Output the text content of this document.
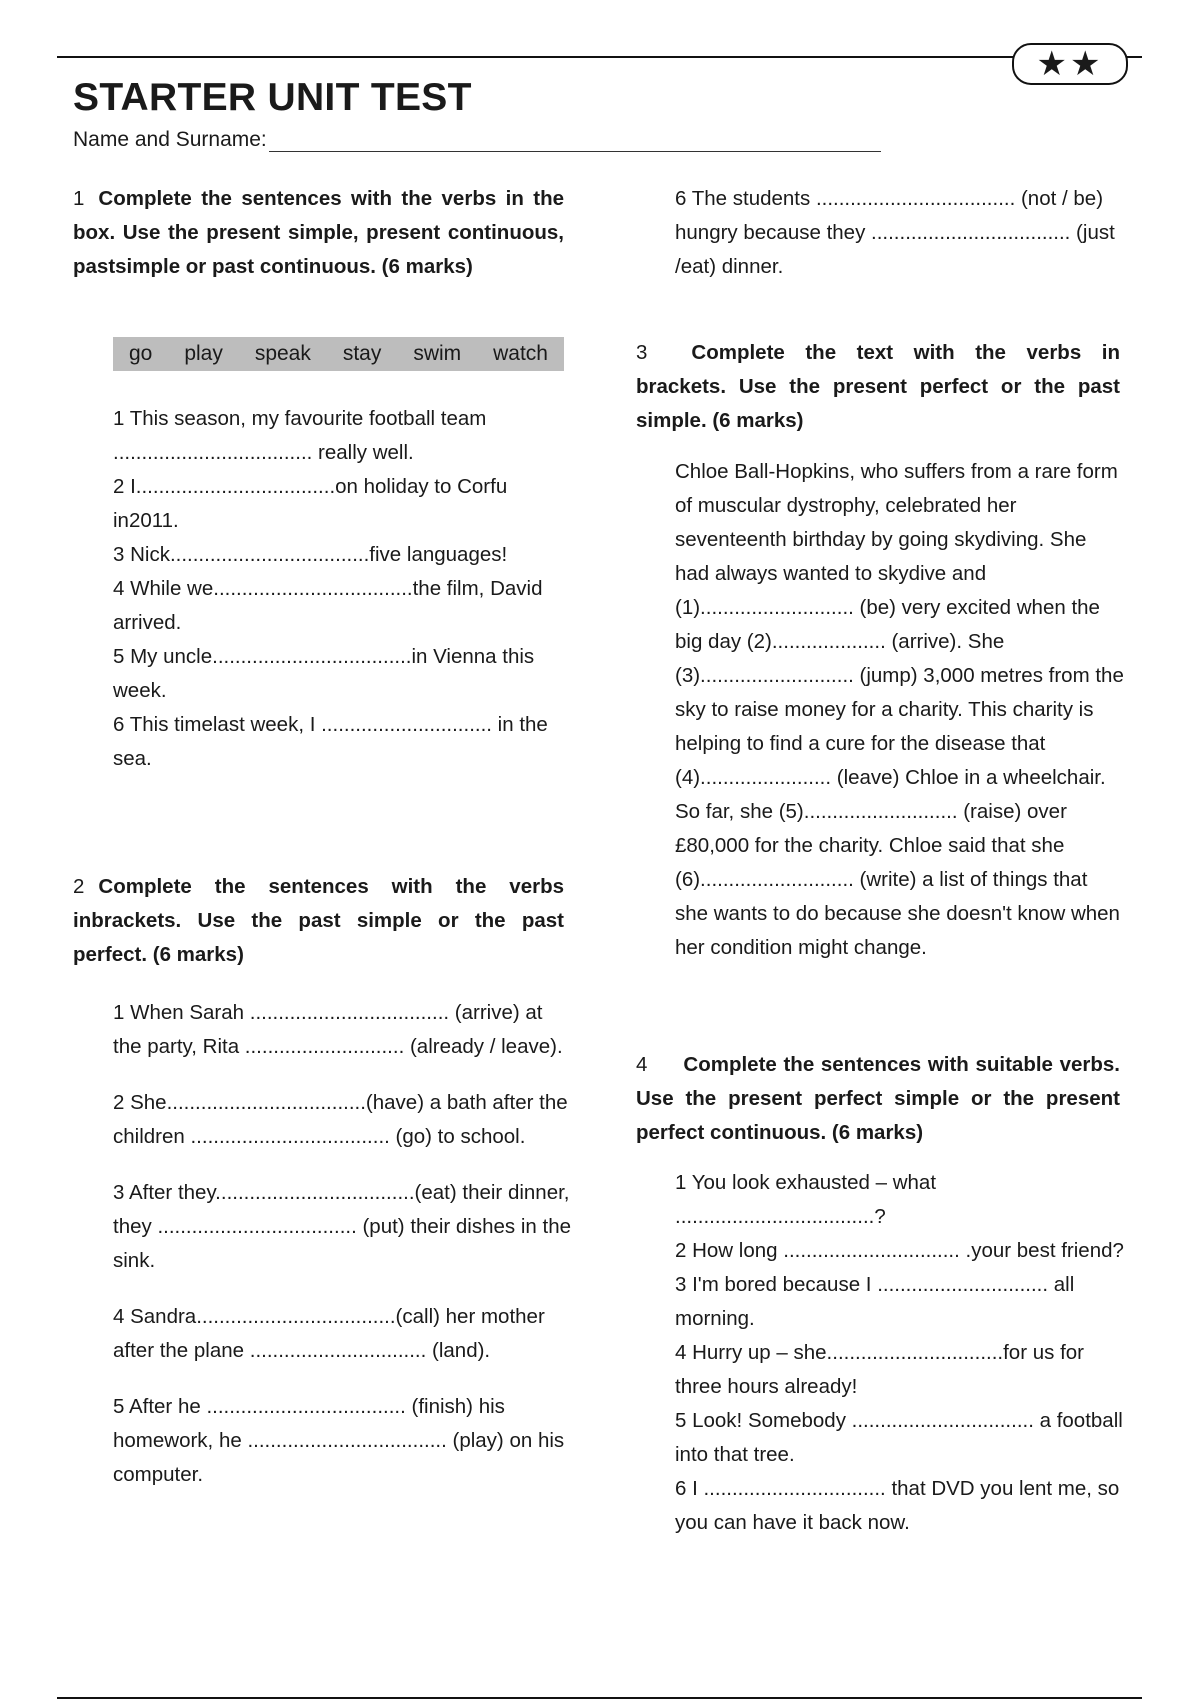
★★
STARTER UNIT TEST
Name and Surname:

1 Complete the sentences with the verbs in the box. Use the present simple, present continuous, pastsimple or past continuous. (6 marks)

go play speak stay swim watch
1 This season, my favourite football team ................................... really well.
2 I...................................on holiday to Corfu in2011.
3 Nick...................................five languages!
4 While we...................................the film, David arrived.
5 My uncle...................................in Vienna this week.
6 This timelast week, I .............................. in the sea.

2 Complete the sentences with the verbs inbrackets. Use the past simple or the past perfect. (6 marks)

1 When Sarah ................................... (arrive) at the party, Rita ............................ (already / leave).
2 She...................................(have) a bath after the children ................................... (go) to school.
3 After they...................................(eat) their dinner, they ................................... (put) their dishes in the sink.
4 Sandra...................................(call) her mother after the plane ............................... (land).
5 After he ................................... (finish) his homework, he ................................... (play) on his computer.

6 The students ................................... (not / be) hungry because they ................................... (just /eat) dinner.

3 Complete the text with the verbs in brackets. Use the present perfect or the past simple. (6 marks)

Chloe Ball-Hopkins, who suffers from a rare form of muscular dystrophy, celebrated her seventeenth birthday by going skydiving. She had always wanted to skydive and (1)........................... (be) very excited when the big day (2).................... (arrive). She (3)........................... (jump) 3,000 metres from the sky to raise money for a charity. This charity is helping to find a cure for the disease that (4)....................... (leave) Chloe in a wheelchair. So far, she (5)........................... (raise) over £80,000 for the charity. Chloe said that she (6)........................... (write) a list of things that she wants to do because she doesn't know when her condition might change.

4 Complete the sentences with suitable verbs. Use the present perfect simple or the present perfect continuous. (6 marks)

1 You look exhausted – what ...................................?
2 How long ............................... .your best friend?
3 I'm bored because I .............................. all morning.
4 Hurry up – she...............................for us for three hours already!
5 Look! Somebody ................................ a football into that tree.
6 I ................................ that DVD you lent me, so you can have it back now.
